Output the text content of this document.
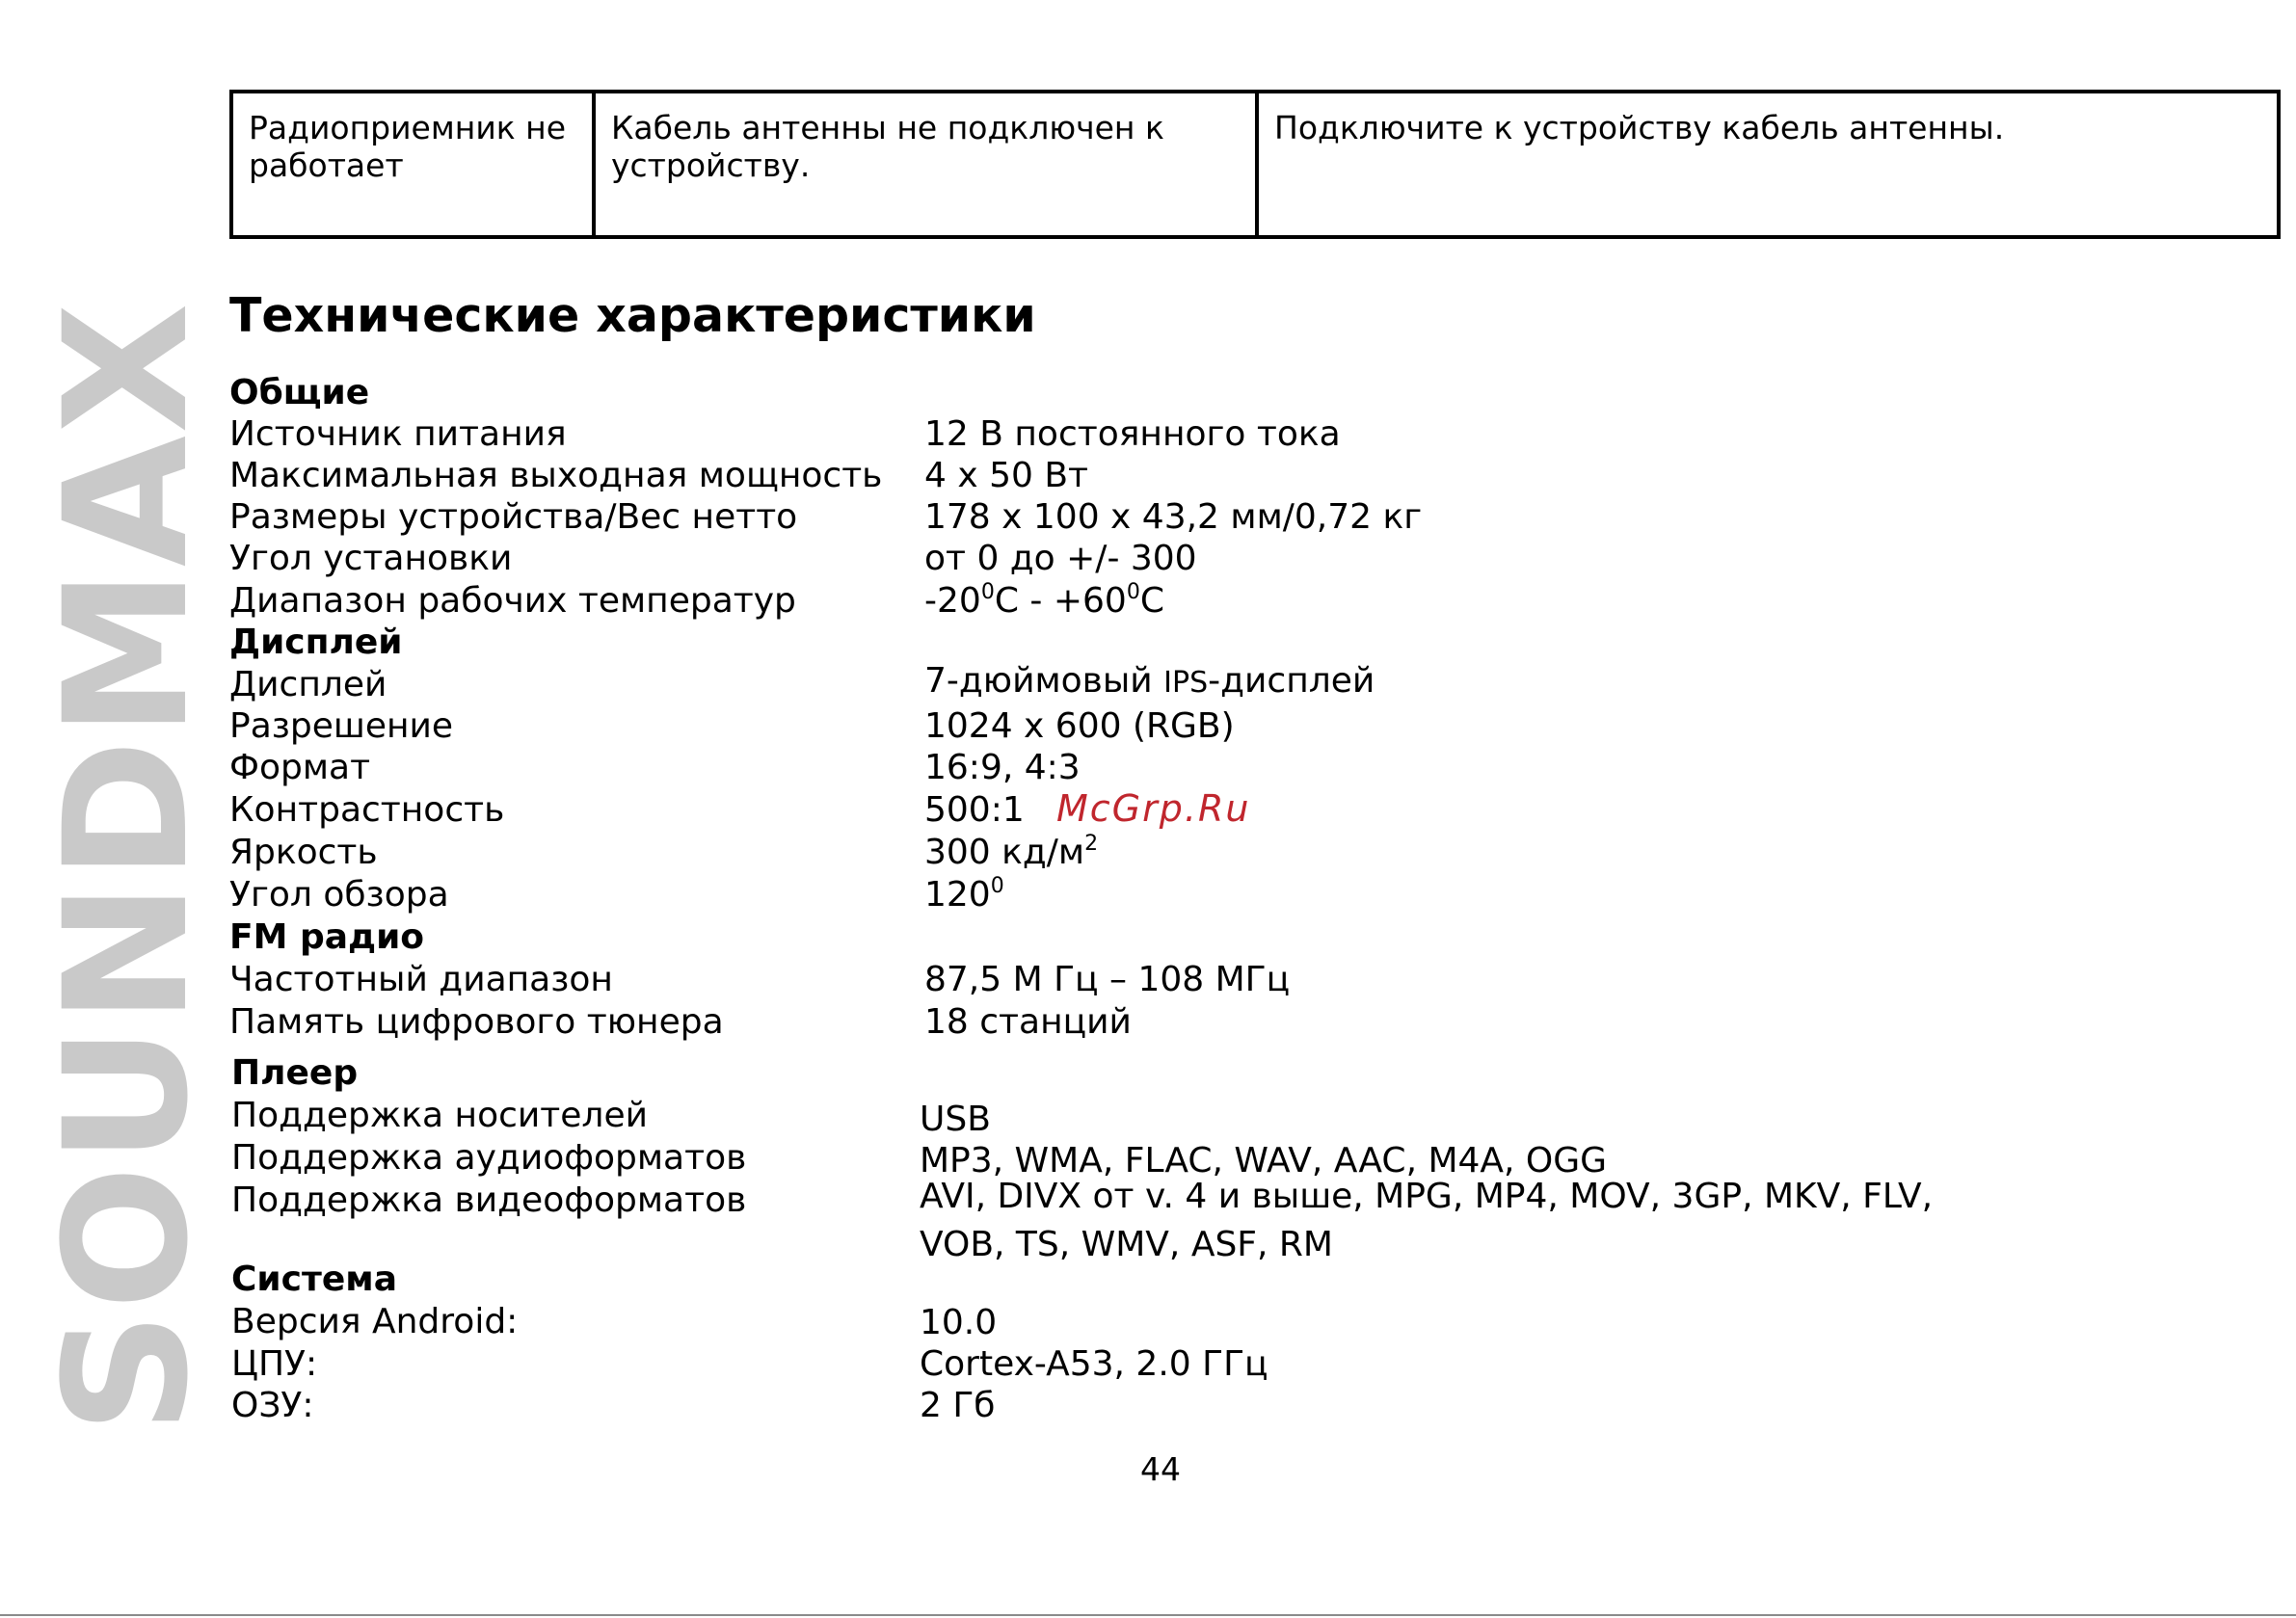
SOUNDMAX
Радиоприемник не работает	Кабель антенны не подключен к устройству.	Подключите к устройству кабель антенны.
Технические характеристики
Общие
Источник питания	12 В постоянного тока
Максимальная выходная мощность 4 x 50 Вт
Размеры устройства/Вес нетто	178 x 100 x 43,2 мм/0,72 кг
Угол установки	от 0 до +/- 300
Диапазон рабочих температур	$-20^0C - +60^0C$
Дисплей
Дисплей	7-дюймовый IPS-дисплей
Разрешение	1024 x 600 (RGB)
Формат	16:9, 4:3
Контрастность	500:1 McGrp.Ru
Яркость	300 $кд/м^2$
Угол обзора	$120^0$
FM радио
Частотный диапазон	87,5 М Гц – 108 МГц
Память цифрового тюнера	18 станций
Плеер
Поддержка носителей	USB
Поддержка аудиоформатов	MP3, WMA, FLAC, WAV, AAC, M4A, OGG
Поддержка видеоформатов	AVI, DIVX от v. 4 и выше, MPG, MP4, MOV, 3GP, MKV, FLV,
VOB, TS, WMV, ASF, RM
Система
Версия Android:	10.0
ЦПУ:	Cortex-A53, 2.0 ГГц
ОЗУ:	2 Гб
44
